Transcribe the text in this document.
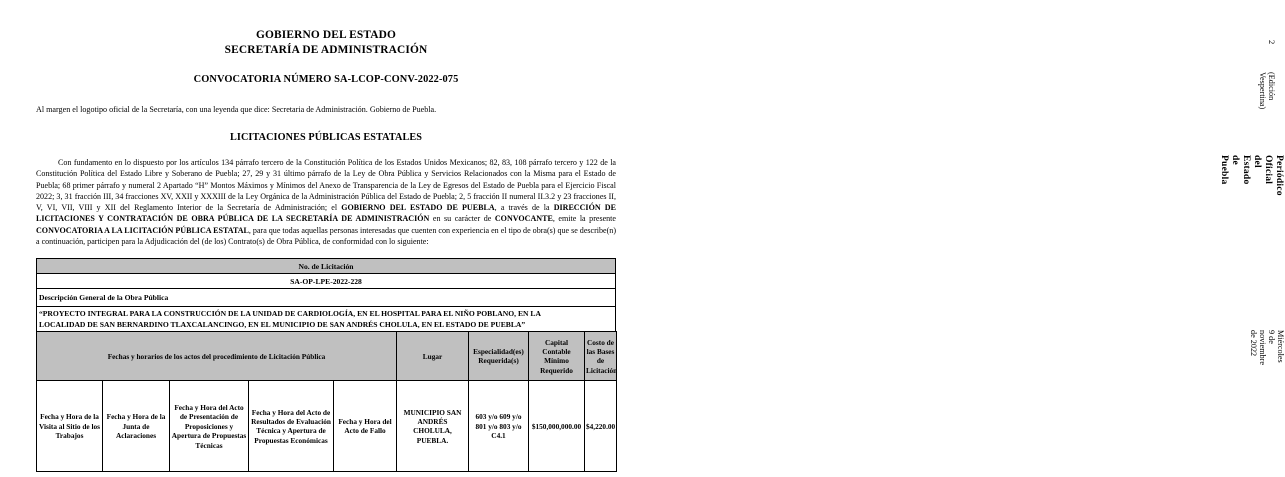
GOBIERNO DEL ESTADO
SECRETARÍA DE ADMINISTRACIÓN
CONVOCATORIA NÚMERO SA-LCOP-CONV-2022-075
Al margen el logotipo oficial de la Secretaría, con una leyenda que dice: Secretaria de Administración. Gobierno de Puebla.
LICITACIONES PÚBLICAS ESTATALES
Con fundamento en lo dispuesto por los artículos 134 párrafo tercero de la Constitución Política de los Estados Unidos Mexicanos; 82, 83, 108 párrafo tercero y 122 de la Constitución Política del Estado Libre y Soberano de Puebla; 27, 29 y 31 último párrafo de la Ley de Obra Pública y Servicios Relacionados con la Misma para el Estado de Puebla; 68 primer párrafo y numeral 2 Apartado “H” Montos Máximos y Mínimos del Anexo de Transparencia de la Ley de Egresos del Estado de Puebla para el Ejercicio Fiscal 2022; 3, 31 fracción III, 34 fracciones XV, XXII y XXXIII de la Ley Orgánica de la Administración Pública del Estado de Puebla; 2, 5 fracción II numeral II.3.2 y 23 fracciones II, V, VI, VII, VIII y XII del Reglamento Interior de la Secretaría de Administración; el GOBIERNO DEL ESTADO DE PUEBLA, a través de la DIRECCIÓN DE LICITACIONES Y CONTRATACIÓN DE OBRA PÚBLICA DE LA SECRETARÍA DE ADMINISTRACIÓN en su carácter de CONVOCANTE, emite la presente CONVOCATORIA A LA LICITACIÓN PÚBLICA ESTATAL, para que todas aquellas personas interesadas que cuenten con experiencia en el tipo de obra(s) que se describe(n) a continuación, participen para la Adjudicación del (de los) Contrato(s) de Obra Pública, de conformidad con lo siguiente:
No. de Licitación
SA-OP-LPE-2022-228
Descripción General de la Obra Pública

“PROYECTO INTEGRAL PARA LA CONSTRUCCIÓN DE LA UNIDAD DE CARDIOLOGÍA, EN EL HOSPITAL PARA EL NIÑO POBLANO, EN LA
LOCALIDAD DE SAN BERNARDINO TLAXCALANCINGO, EN EL MUNICIPIO DE SAN ANDRÉS CHOLULA, EN EL ESTADO DE PUEBLA”
Fechas y horarios de los actos del procedimiento de Licitación Pública					Lugar	Especialidad(es) Requerida(s)	Capital Contable Mínimo Requerido	Costo de las Bases de Licitación
Fecha y Hora de la Visita al Sitio de los Trabajos	Fecha y Hora de la Junta de Aclaraciones	Fecha y Hora del Acto de Presentación de Proposiciones y Apertura de Propuestas Técnicas	Fecha y Hora del Acto de Resultados de Evaluación Técnica y Apertura de Propuestas Económicas	Fecha y Hora del Acto de Fallo	MUNICIPIO SAN ANDRÉS CHOLULA, PUEBLA.	603 y/o 609 y/o 801 y/o 803 y/o C4.1	$150,000,000.00	$4,220.00
2
(Edición Vespertina)
Periódico Oficial del Estado de Puebla
Miércoles 9 de noviembre de 2022
